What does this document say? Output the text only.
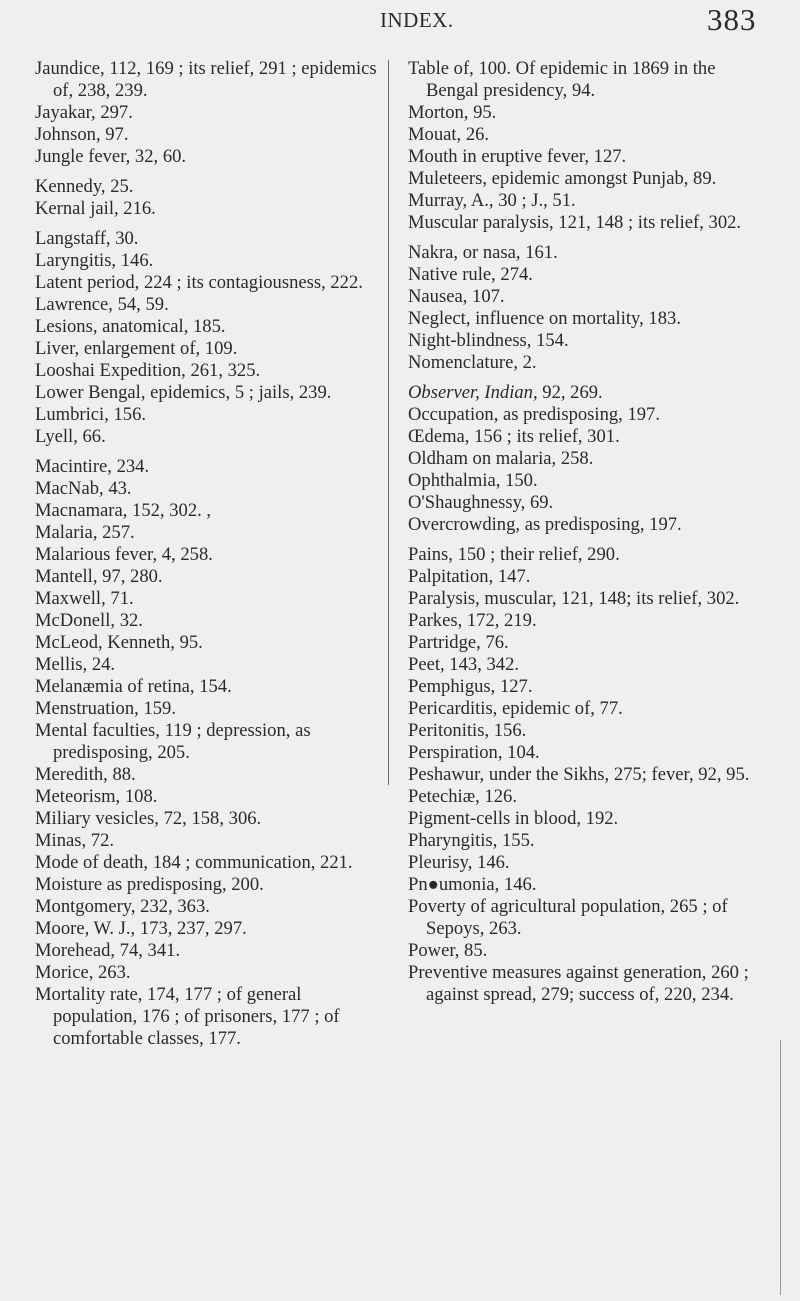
INDEX.	383
Jaundice, 112, 169 ; its relief, 291 ; epidemics of, 238, 239.
Jayakar, 297.
Johnson, 97.
Jungle fever, 32, 60.
Kennedy, 25.
Kernal jail, 216.
Langstaff, 30.
Laryngitis, 146.
Latent period, 224 ; its contagiousness, 222.
Lawrence, 54, 59.
Lesions, anatomical, 185.
Liver, enlargement of, 109.
Looshai Expedition, 261, 325.
Lower Bengal, epidemics, 5 ; jails, 239.
Lumbrici, 156.
Lyell, 66.
Macintire, 234.
MacNab, 43.
Macnamara, 152, 302. ,
Malaria, 257.
Malarious fever, 4, 258.
Mantell, 97, 280.
Maxwell, 71.
McDonell, 32.
McLeod, Kenneth, 95.
Mellis, 24.
Melanæmia of retina, 154.
Menstruation, 159.
Mental faculties, 119 ; depression, as predisposing, 205.
Meredith, 88.
Meteorism, 108.
Miliary vesicles, 72, 158, 306.
Minas, 72.
Mode of death, 184 ; communication, 221.
Moisture as predisposing, 200.
Montgomery, 232, 363.
Moore, W. J., 173, 237, 297.
Morehead, 74, 341.
Morice, 263.
Mortality rate, 174, 177 ; of general population, 176 ; of prisoners, 177 ; of comfortable classes, 177.
Table of, 100. Of epidemic in 1869 in the Bengal presidency, 94.
Morton, 95.
Mouat, 26.
Mouth in eruptive fever, 127.
Muleteers, epidemic amongst Punjab, 89.
Murray, A., 30 ; J., 51.
Muscular paralysis, 121, 148 ; its relief, 302.
Nakra, or nasa, 161.
Native rule, 274.
Nausea, 107.
Neglect, influence on mortality, 183.
Night-blindness, 154.
Nomenclature, 2.
Observer, Indian, 92, 269.
Occupation, as predisposing, 197.
Œdema, 156 ; its relief, 301.
Oldham on malaria, 258.
Ophthalmia, 150.
O'Shaughnessy, 69.
Overcrowding, as predisposing, 197.
Pains, 150 ; their relief, 290.
Palpitation, 147.
Paralysis, muscular, 121, 148; its relief, 302.
Parkes, 172, 219.
Partridge, 76.
Peet, 143, 342.
Pemphigus, 127.
Pericarditis, epidemic of, 77.
Peritonitis, 156.
Perspiration, 104.
Peshawur, under the Sikhs, 275; fever, 92, 95.
Petechiæ, 126.
Pigment-cells in blood, 192.
Pharyngitis, 155.
Pleurisy, 146.
Pn●umonia, 146.
Poverty of agricultural population, 265 ; of Sepoys, 263.
Power, 85.
Preventive measures against generation, 260 ; against spread, 279; success of, 220, 234.
